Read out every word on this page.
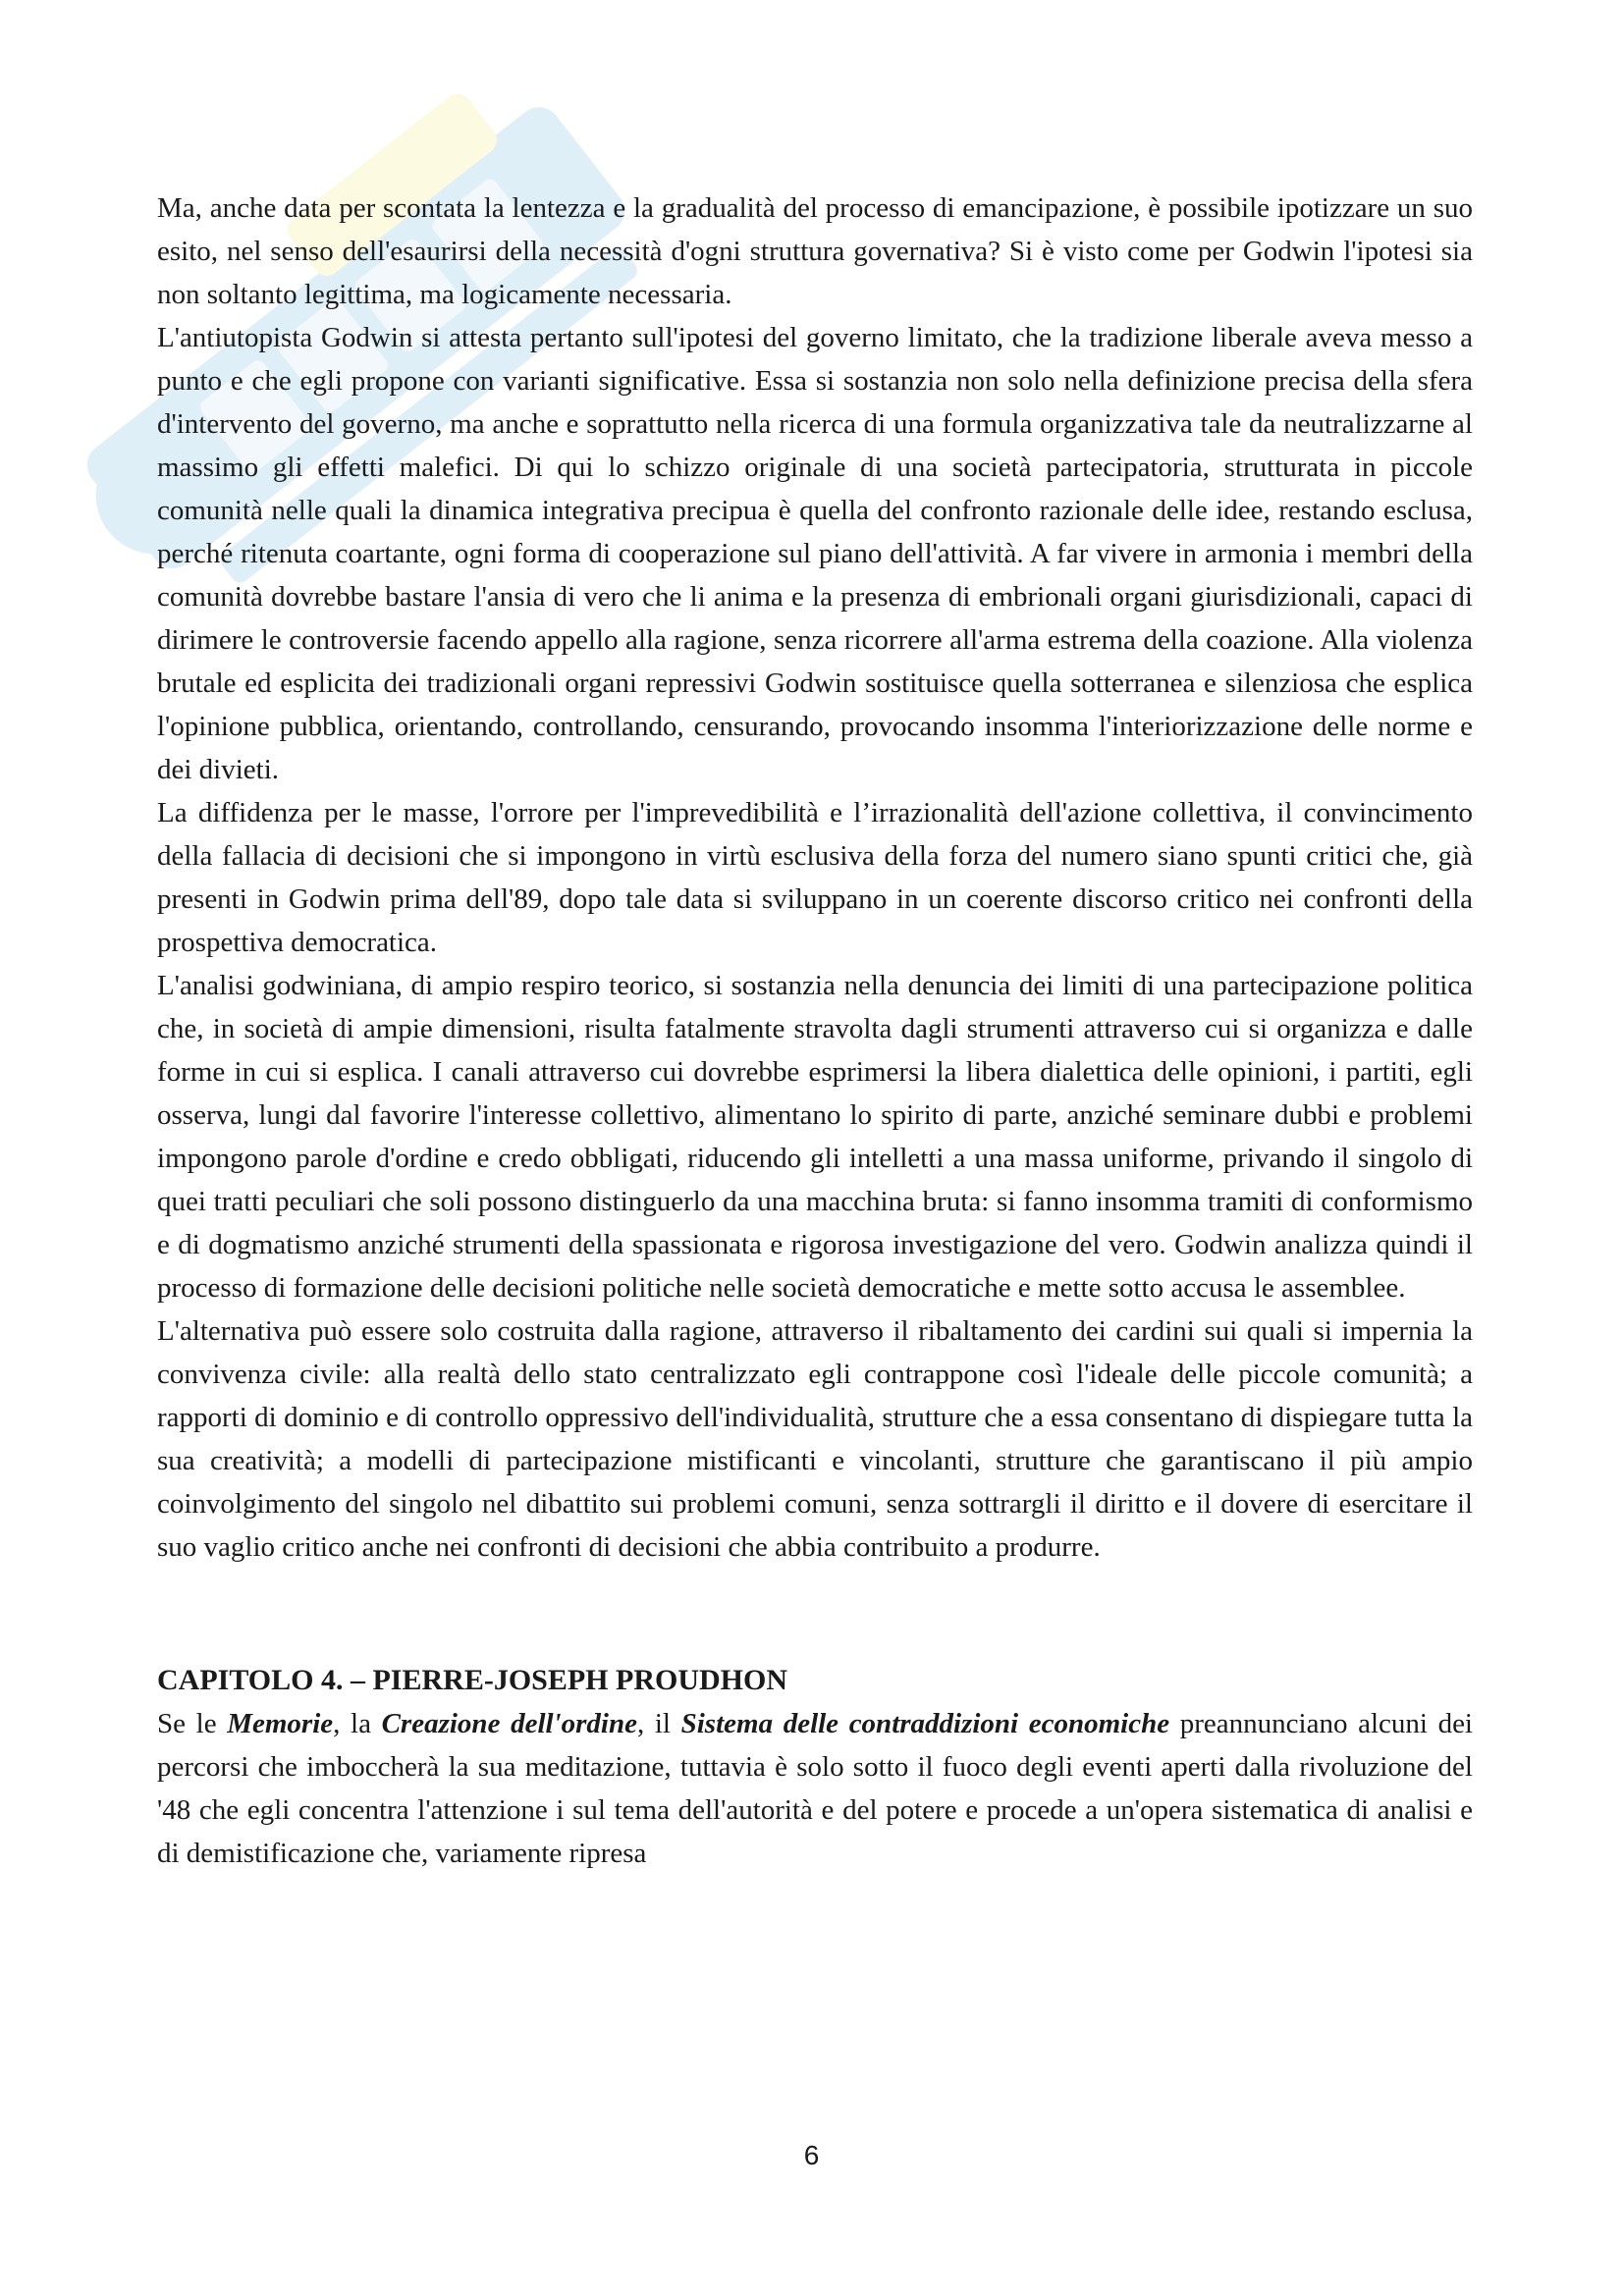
Ma, anche data per scontata la lentezza e la gradualità del processo di emancipazione, è possibile ipotizzare un suo esito, nel senso dell'esaurirsi della necessità d'ogni struttura governativa? Si è visto come per Godwin l'ipotesi sia non soltanto legittima, ma logicamente necessaria.

L'antiutopista Godwin si attesta pertanto sull'ipotesi del governo limitato, che la tradizione liberale aveva messo a punto e che egli propone con varianti significative. Essa si sostanzia non solo nella definizione precisa della sfera d'intervento del governo, ma anche e soprattutto nella ricerca di una formula organizzativa tale da neutralizzarne al massimo gli effetti malefici. Di qui lo schizzo originale di una società partecipatoria, strutturata in piccole comunità nelle quali la dinamica integrativa precipua è quella del confronto razionale delle idee, restando esclusa, perché ritenuta coartante, ogni forma di cooperazione sul piano dell'attività. A far vivere in armonia i membri della comunità dovrebbe bastare l'ansia di vero che li anima e la presenza di embrionali organi giurisdizionali, capaci di dirimere le controversie facendo appello alla ragione, senza ricorrere all'arma estrema della coazione. Alla violenza brutale ed esplicita dei tradizionali organi repressivi Godwin sostituisce quella sotterranea e silenziosa che esplica l'opinione pubblica, orientando, controllando, censurando, provocando insomma l'interiorizzazione delle norme e dei divieti.

La diffidenza per le masse, l'orrore per l'imprevedibilità e l’irrazionalità dell'azione collettiva, il convincimento della fallacia di decisioni che si impongono in virtù esclusiva della forza del numero siano spunti critici che, già presenti in Godwin prima dell'89, dopo tale data si sviluppano in un coerente discorso critico nei confronti della prospettiva democratica.

L'analisi godwiniana, di ampio respiro teorico, si sostanzia nella denuncia dei limiti di una partecipazione politica che, in società di ampie dimensioni, risulta fatalmente stravolta dagli strumenti attraverso cui si organizza e dalle forme in cui si esplica. I canali attraverso cui dovrebbe esprimersi la libera dialettica delle opinioni, i partiti, egli osserva, lungi dal favorire l'interesse collettivo, alimentano lo spirito di parte, anziché seminare dubbi e problemi impongono parole d'ordine e credo obbligati, riducendo gli intelletti a una massa uniforme, privando il singolo di quei tratti peculiari che soli possono distinguerlo da una macchina bruta: si fanno insomma tramiti di conformismo e di dogmatismo anziché strumenti della spassionata e rigorosa investigazione del vero. Godwin analizza quindi il processo di formazione delle decisioni politiche nelle società democratiche e mette sotto accusa le assemblee.

L'alternativa può essere solo costruita dalla ragione, attraverso il ribaltamento dei cardini sui quali si impernia la convivenza civile: alla realtà dello stato centralizzato egli contrappone così l'ideale delle piccole comunità; a rapporti di dominio e di controllo oppressivo dell'individualità, strutture che a essa consentano di dispiegare tutta la sua creatività; a modelli di partecipazione mistificanti e vincolanti, strutture che garantiscano il più ampio coinvolgimento del singolo nel dibattito sui problemi comuni, senza sottrargli il diritto e il dovere di esercitare il suo vaglio critico anche nei confronti di decisioni che abbia contribuito a produrre.

CAPITOLO 4. – PIERRE-JOSEPH PROUDHON

Se le Memorie, la Creazione dell'ordine, il Sistema delle contraddizioni economiche preannunciano alcuni dei percorsi che imboccherà la sua meditazione, tuttavia è solo sotto il fuoco degli eventi aperti dalla rivoluzione del '48 che egli concentra l'attenzione i sul tema dell'autorità e del potere e procede a un'opera sistematica di analisi e di demistificazione che, variamente ripresa

6
